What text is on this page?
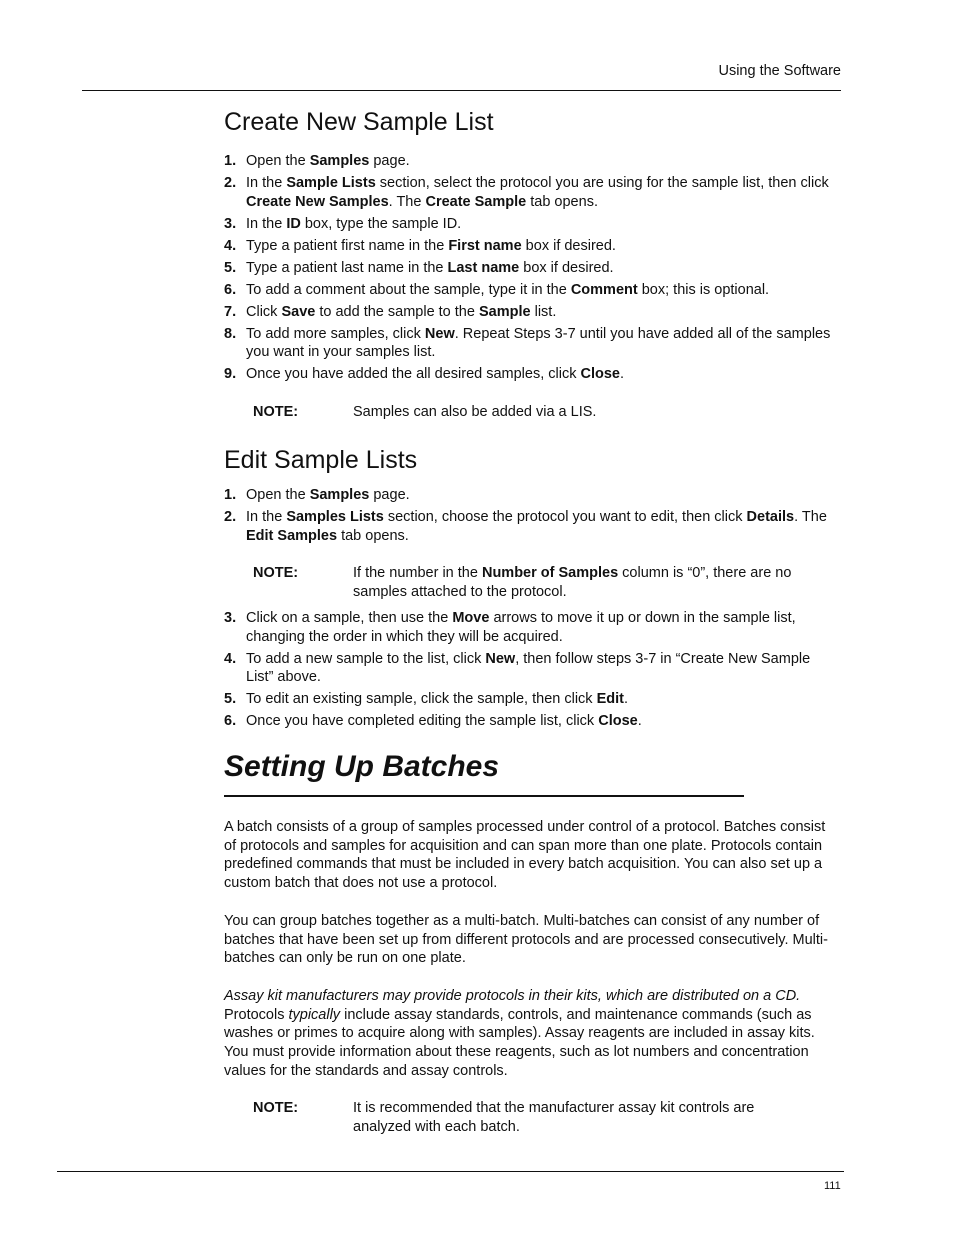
Using the Software
Create New Sample List
1. Open the Samples page.
2. In the Sample Lists section, select the protocol you are using for the sample list, then click Create New Samples. The Create Sample tab opens.
3. In the ID box, type the sample ID.
4. Type a patient first name in the First name box if desired.
5. Type a patient last name in the Last name box if desired.
6. To add a comment about the sample, type it in the Comment box; this is optional.
7. Click Save to add the sample to the Sample list.
8. To add more samples, click New. Repeat Steps 3-7 until you have added all of the samples you want in your samples list.
9. Once you have added the all desired samples, click Close.
NOTE:	Samples can also be added via a LIS.
Edit Sample Lists
1. Open the Samples page.
2. In the Samples Lists section, choose the protocol you want to edit, then click Details. The Edit Samples tab opens.
NOTE:	If the number in the Number of Samples column is “0”, there are no samples attached to the protocol.
3. Click on a sample, then use the Move arrows to move it up or down in the sample list, changing the order in which they will be acquired.
4. To add a new sample to the list, click New, then follow steps 3-7 in “Create New Sample List” above.
5. To edit an existing sample, click the sample, then click Edit.
6. Once you have completed editing the sample list, click Close.
Setting Up Batches

A batch consists of a group of samples processed under control of a protocol. Batches consist of protocols and samples for acquisition and can span more than one plate. Protocols contain predefined commands that must be included in every batch acquisition. You can also set up a custom batch that does not use a protocol.

You can group batches together as a multi-batch. Multi-batches can consist of any number of batches that have been set up from different protocols and are processed consecutively. Multi-batches can only be run on one plate.

Assay kit manufacturers may provide protocols in their kits, which are distributed on a CD. Protocols typically include assay standards, controls, and maintenance commands (such as washes or primes to acquire along with samples). Assay reagents are included in assay kits. You must provide information about these reagents, such as lot numbers and concentration values for the standards and assay controls.

NOTE:	It is recommended that the manufacturer assay kit controls are analyzed with each batch.
111
